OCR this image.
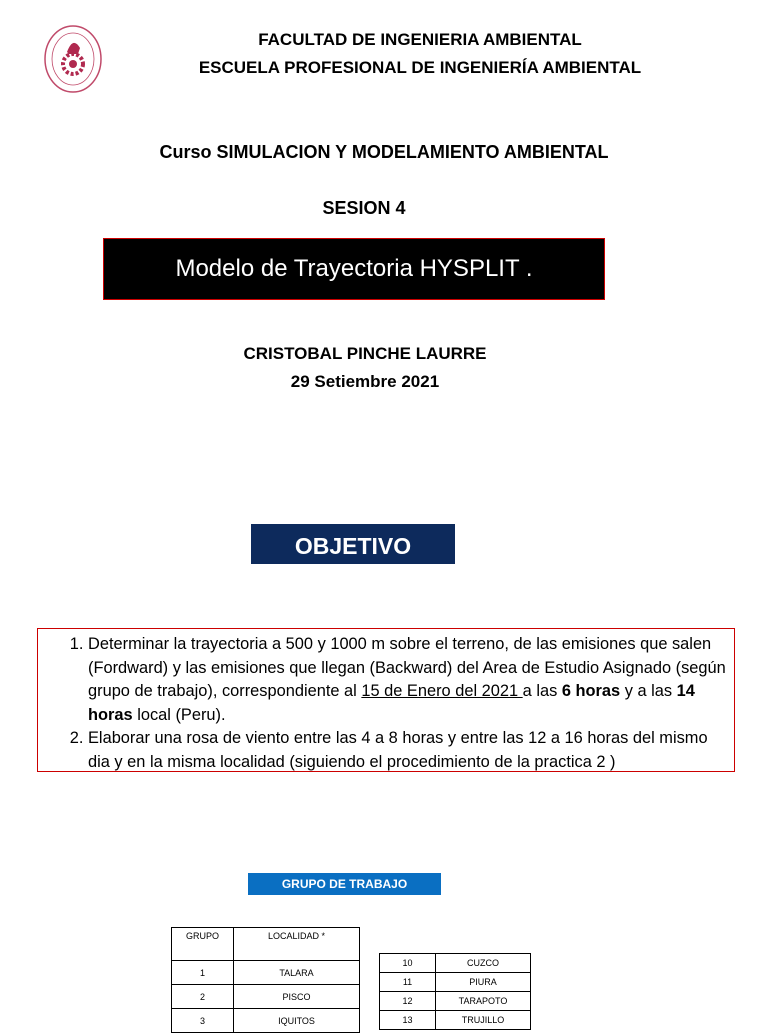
FACULTAD DE INGENIERIA AMBIENTAL
ESCUELA PROFESIONAL DE INGENIERÍA AMBIENTAL
Curso SIMULACION Y MODELAMIENTO AMBIENTAL
SESION 4
Modelo de Trayectoria HYSPLIT .
CRISTOBAL PINCHE LAURRE
29 Setiembre 2021
OBJETIVO
1. Determinar la trayectoria a 500 y 1000 m sobre el terreno, de las emisiones que salen (Fordward) y las emisiones que llegan (Backward) del Area de Estudio Asignado (según grupo de trabajo), correspondiente al 15 de Enero del 2021 a las 6 horas y a las 14 horas local (Peru).
2. Elaborar una rosa de viento entre las 4 a 8 horas y entre las 12 a 16 horas del mismo dia y en la misma localidad (siguiendo el procedimiento de la practica 2 )
GRUPO DE TRABAJO
GRUPO	LOCALIDAD *
1	TALARA
2	PISCO
3	IQUITOS
10	CUZCO
11	PIURA
12	TARAPOTO
13	TRUJILLO
